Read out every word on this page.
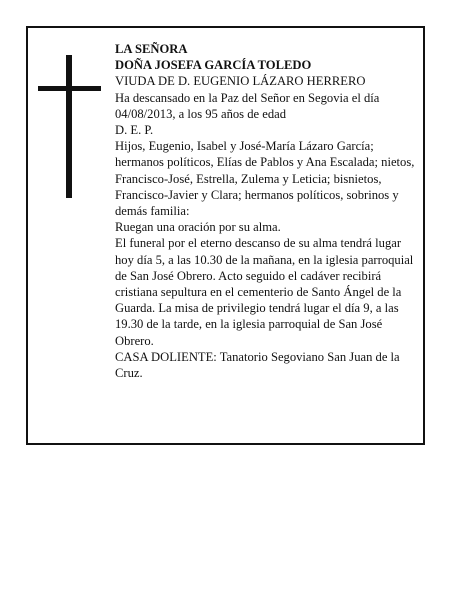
LA SEÑORA

DOÑA JOSEFA GARCÍA TOLEDO

VIUDA DE D. EUGENIO LÁZARO HERRERO

Ha descansado en la Paz del Señor en Segovia el día 04/08/2013, a los 95 años de edad

D. E. P.

Hijos, Eugenio, Isabel y José-María Lázaro García; hermanos políticos, Elías de Pablos y Ana Escalada; nietos, Francisco-José, Estrella, Zulema y Leticia; bisnietos, Francisco-Javier y Clara; hermanos políticos, sobrinos y demás familia:

Ruegan una oración por su alma.

El funeral por el eterno descanso de su alma tendrá lugar hoy día 5, a las 10.30 de la mañana, en la iglesia parroquial de San José Obrero. Acto seguido el cadáver recibirá cristiana sepultura en el cementerio de Santo Ángel de la Guarda. La misa de privilegio tendrá lugar el día 9, a las 19.30 de la tarde, en la iglesia parroquial de San José Obrero.

CASA DOLIENTE: Tanatorio Segoviano San Juan de la Cruz.
